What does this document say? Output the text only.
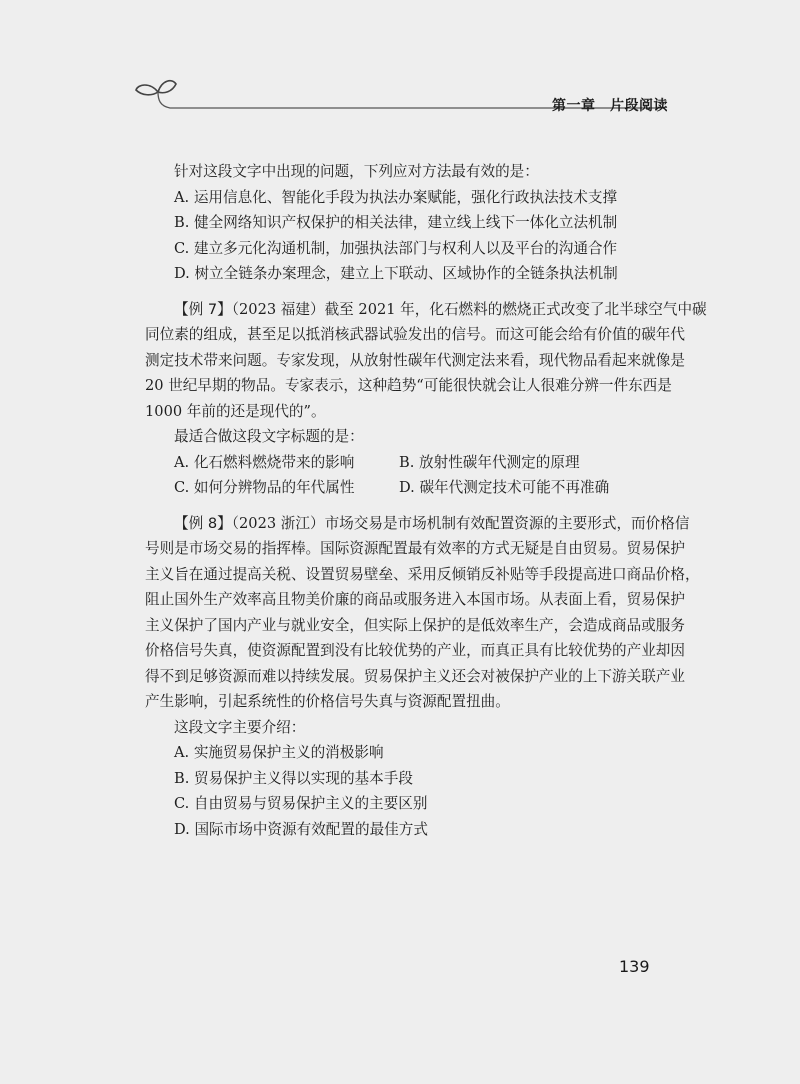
第一章　片段阅读
针对这段文字中出现的问题，下列应对方法最有效的是：
A. 运用信息化、智能化手段为执法办案赋能，强化行政执法技术支撑
B. 健全网络知识产权保护的相关法律，建立线上线下一体化立法机制
C. 建立多元化沟通机制，加强执法部门与权利人以及平台的沟通合作
D. 树立全链条办案理念，建立上下联动、区域协作的全链条执法机制
【例 7】（2023 福建）截至 2021 年，化石燃料的燃烧正式改变了北半球空气中碳
同位素的组成，甚至足以抵消核武器试验发出的信号。而这可能会给有价值的碳年代
测定技术带来问题。专家发现，从放射性碳年代测定法来看，现代物品看起来就像是
20 世纪早期的物品。专家表示，这种趋势“可能很快就会让人很难分辨一件东西是
1000 年前的还是现代的”。
最适合做这段文字标题的是：
A. 化石燃料燃烧带来的影响	B. 放射性碳年代测定的原理
C. 如何分辨物品的年代属性	D. 碳年代测定技术可能不再准确
【例 8】（2023 浙江）市场交易是市场机制有效配置资源的主要形式，而价格信
号则是市场交易的指挥棒。国际资源配置最有效率的方式无疑是自由贸易。贸易保护
主义旨在通过提高关税、设置贸易壁垒、采用反倾销反补贴等手段提高进口商品价格，
阻止国外生产效率高且物美价廉的商品或服务进入本国市场。从表面上看，贸易保护
主义保护了国内产业与就业安全，但实际上保护的是低效率生产，会造成商品或服务
价格信号失真，使资源配置到没有比较优势的产业，而真正具有比较优势的产业却因
得不到足够资源而难以持续发展。贸易保护主义还会对被保护产业的上下游关联产业
产生影响，引起系统性的价格信号失真与资源配置扭曲。
这段文字主要介绍：
A. 实施贸易保护主义的消极影响
B. 贸易保护主义得以实现的基本手段
C. 自由贸易与贸易保护主义的主要区别
D. 国际市场中资源有效配置的最佳方式
139
